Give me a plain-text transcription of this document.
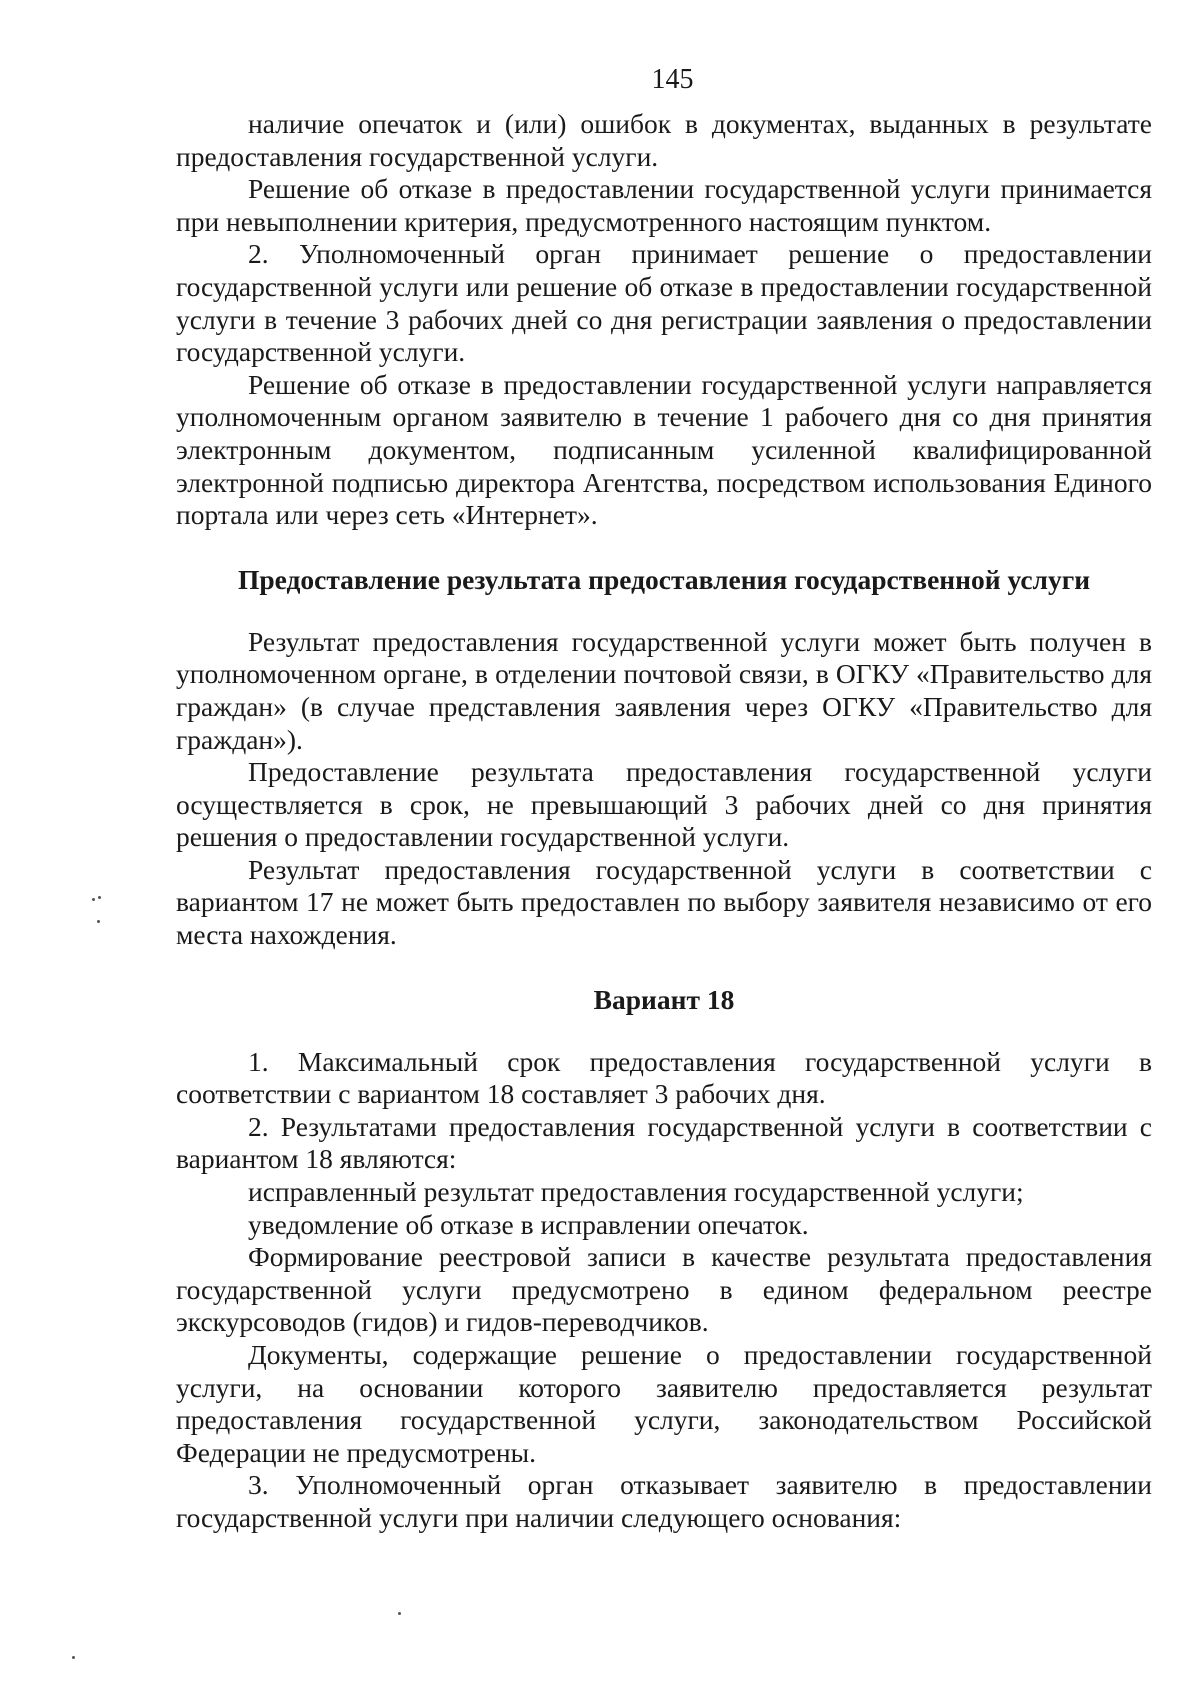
145

наличие опечаток и (или) ошибок в документах, выданных в результате предоставления государственной услуги.

Решение об отказе в предоставлении государственной услуги принимается при невыполнении критерия, предусмотренного настоящим пунктом.

2. Уполномоченный орган принимает решение о предоставлении государственной услуги или решение об отказе в предоставлении государственной услуги в течение 3 рабочих дней со дня регистрации заявления о предоставлении государственной услуги.

Решение об отказе в предоставлении государственной услуги направляется уполномоченным органом заявителю в течение 1 рабочего дня со дня принятия электронным документом, подписанным усиленной квалифицированной электронной подписью директора Агентства, посредством использования Единого портала или через сеть «Интернет».

Предоставление результата предоставления государственной услуги

Результат предоставления государственной услуги может быть получен в уполномоченном органе, в отделении почтовой связи, в ОГКУ «Правительство для граждан» (в случае представления заявления через ОГКУ «Правительство для граждан»).

Предоставление результата предоставления государственной услуги осуществляется в срок, не превышающий 3 рабочих дней со дня принятия решения о предоставлении государственной услуги.

Результат предоставления государственной услуги в соответствии с вариантом 17 не может быть предоставлен по выбору заявителя независимо от его места нахождения.

Вариант 18

1. Максимальный срок предоставления государственной услуги в соответствии с вариантом 18 составляет 3 рабочих дня.

2. Результатами предоставления государственной услуги в соответствии с вариантом 18 являются:

исправленный результат предоставления государственной услуги;

уведомление об отказе в исправлении опечаток.

Формирование реестровой записи в качестве результата предоставления государственной услуги предусмотрено в едином федеральном реестре экскурсоводов (гидов) и гидов-переводчиков.

Документы, содержащие решение о предоставлении государственной услуги, на основании которого заявителю предоставляется результат предоставления государственной услуги, законодательством Российской Федерации не предусмотрены.

3. Уполномоченный орган отказывает заявителю в предоставлении государственной услуги при наличии следующего основания:
